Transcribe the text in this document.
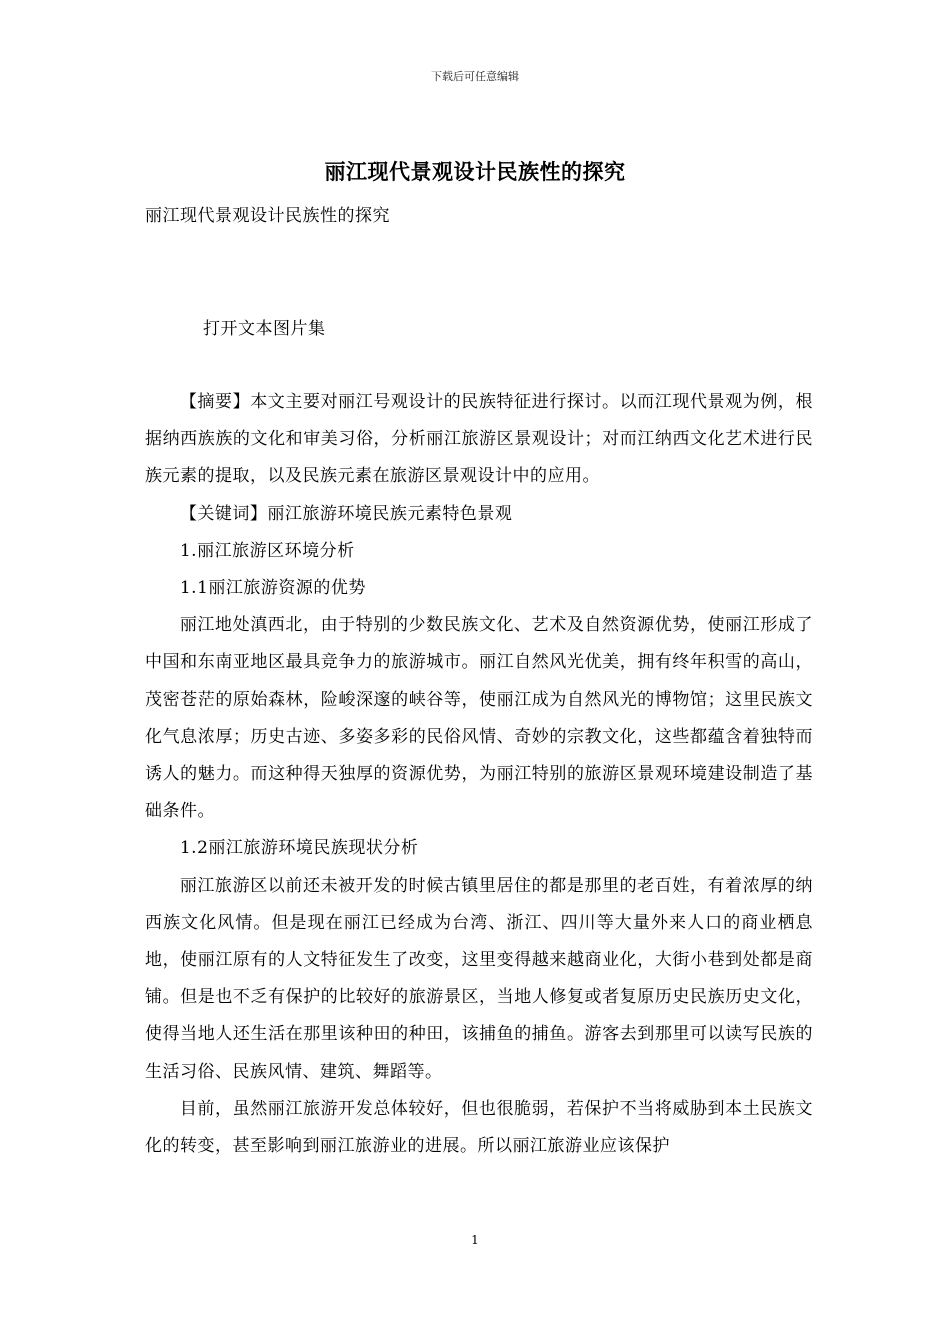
下载后可任意编辑
丽江现代景观设计民族性的探究
丽江现代景观设计民族性的探究
打开文本图片集

【摘要】本文主要对丽江号观设计的民族特征进行探讨。以而江现代景观为例，根据纳西族族的文化和审美习俗，分析丽江旅游区景观设计；对而江纳西文化艺术进行民族元素的提取，以及民族元素在旅游区景观设计中的应用。

【关键词】丽江旅游环境民族元素特色景观

1.丽江旅游区环境分析

1.1丽江旅游资源的优势

丽江地处滇西北，由于特别的少数民族文化、艺术及自然资源优势，使丽江形成了中国和东南亚地区最具竞争力的旅游城市。丽江自然风光优美，拥有终年积雪的高山，茂密苍茫的原始森林，险峻深邃的峡谷等，使丽江成为自然风光的博物馆；这里民族文化气息浓厚；历史古迹、多姿多彩的民俗风情、奇妙的宗教文化，这些都蕴含着独特而诱人的魅力。而这种得天独厚的资源优势，为丽江特别的旅游区景观环境建设制造了基础条件。

1.2丽江旅游环境民族现状分析

丽江旅游区以前还未被开发的时候古镇里居住的都是那里的老百姓，有着浓厚的纳西族文化风情。但是现在丽江已经成为台湾、浙江、四川等大量外来人口的商业栖息地，使丽江原有的人文特征发生了改变，这里变得越来越商业化，大街小巷到处都是商铺。但是也不乏有保护的比较好的旅游景区，当地人修复或者复原历史民族历史文化，使得当地人还生活在那里该种田的种田，该捕鱼的捕鱼。游客去到那里可以读写民族的生活习俗、民族风情、建筑、舞蹈等。

目前，虽然丽江旅游开发总体较好，但也很脆弱，若保护不当将威胁到本土民族文化的转变，甚至影响到丽江旅游业的进展。所以丽江旅游业应该保护

1
